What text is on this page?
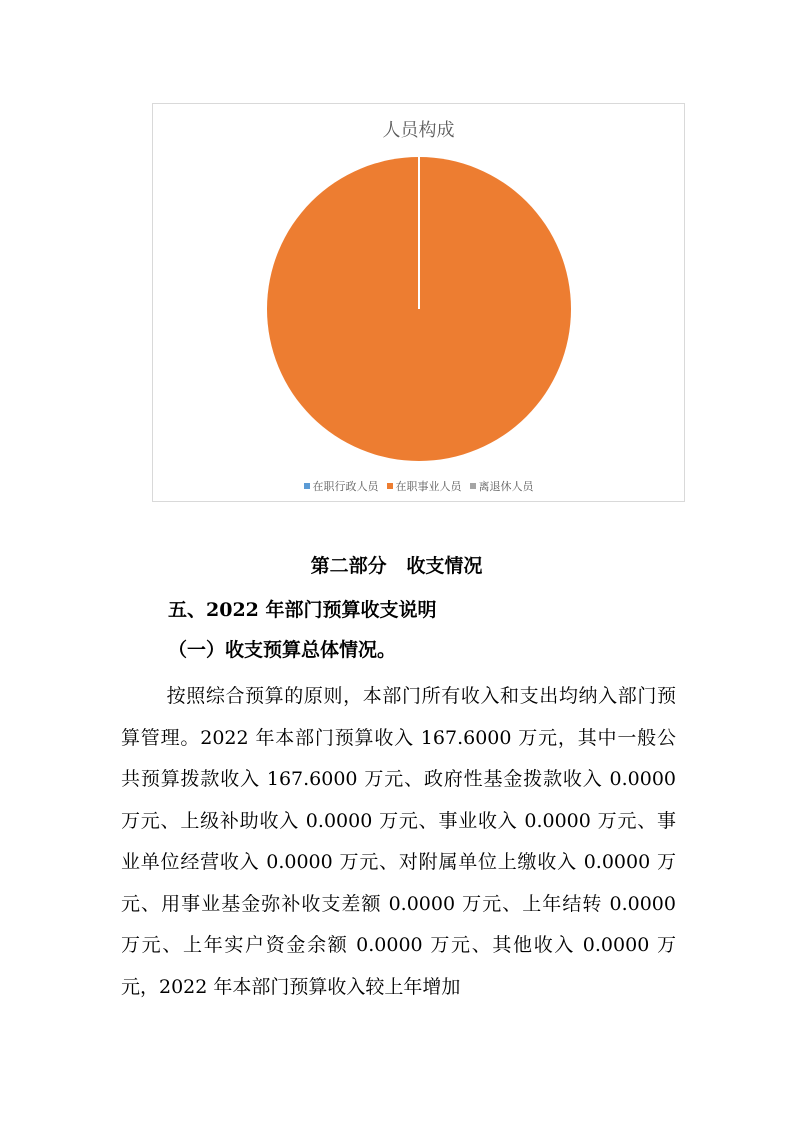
人员构成
在职行政人员 在职事业人员 离退休人员
第二部分   收支情况
五、2022 年部门预算收支说明
（一）收支预算总体情况。
按照综合预算的原则，本部门所有收入和支出均纳入部门预算管理。2022 年本部门预算收入 167.6000 万元，其中一般公共预算拨款收入 167.6000 万元、政府性基金拨款收入 0.0000 万元、上级补助收入 0.0000 万元、事业收入 0.0000 万元、事业单位经营收入 0.0000 万元、对附属单位上缴收入 0.0000 万元、用事业基金弥补收支差额 0.0000 万元、上年结转 0.0000 万元、上年实户资金余额 0.0000 万元、其他收入 0.0000 万元，2022 年本部门预算收入较上年增加
